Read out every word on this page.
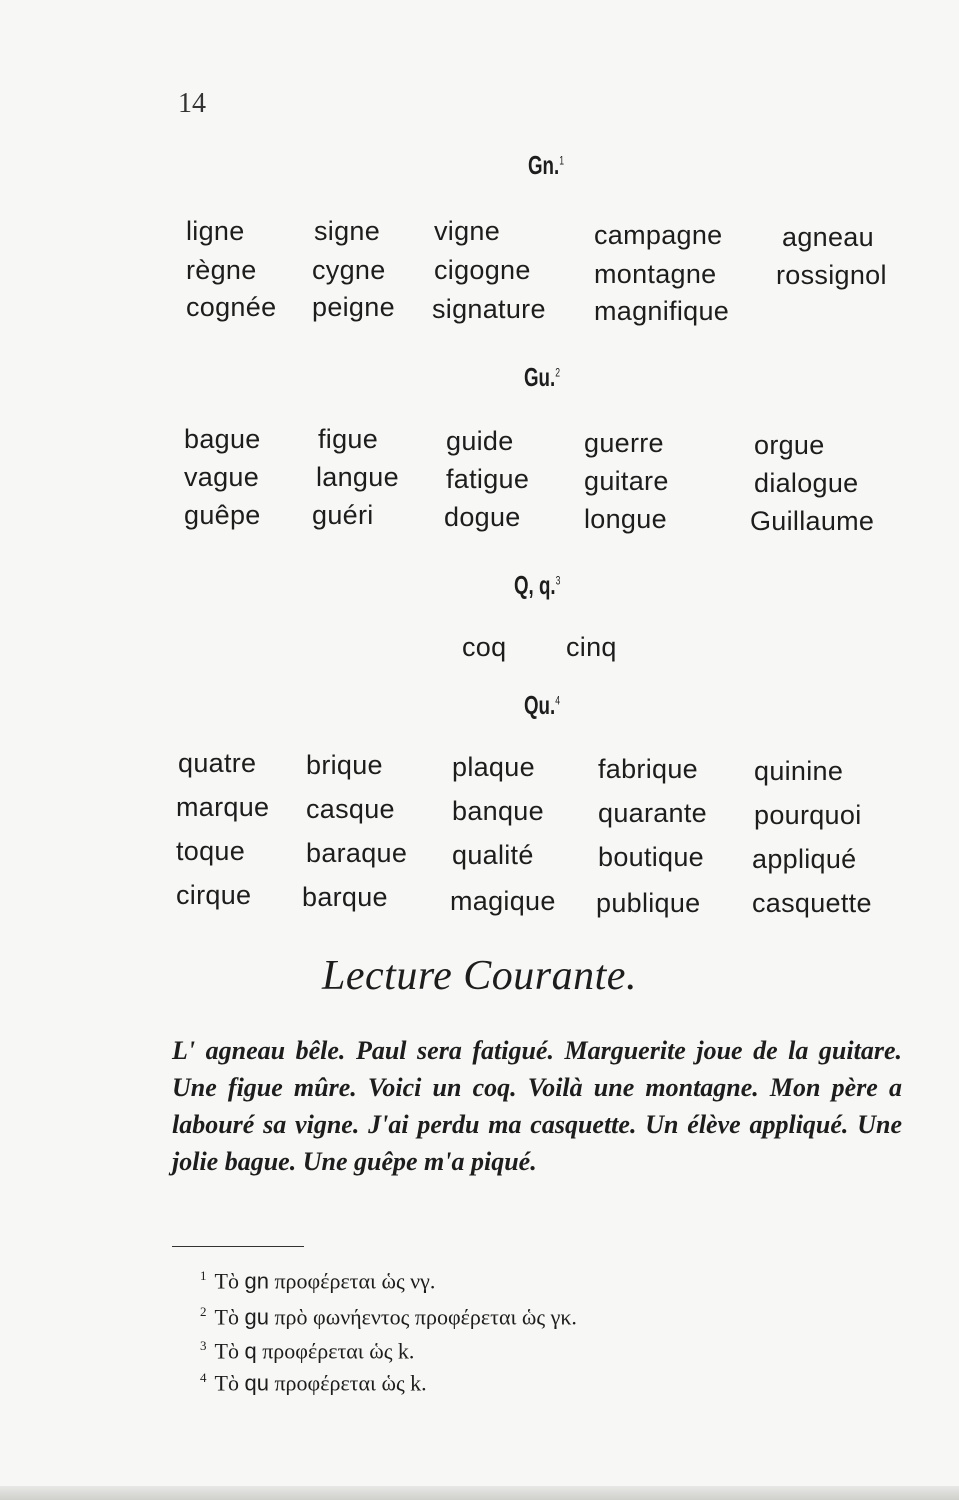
14
Gn.$^1$
ligne	signe vigne	campagne agneau
règne cygne cigogne montagne rossignol
cognée peigne signature magnifique
Gu.$^2$
bague figue	guide	guerre	orgue
vague langue fatigue guitare	dialogue
guêpe guéri	dogue longue	Guillaume
Q, q.$^3$
coq cinq
Qu.$^4$
quatre brique	plaque fabrique quinine
marque casque banque quarante pourquoi
toque baraque qualité boutique appliqué
cirque barque magique publique casquette
Lecture Courante.
L' agneau bêle. Paul sera fatigué. Marguerite joue de la guitare. Une figue mûre. Voici un coq. Voilà une montagne. Mon père a labouré sa vigne. J'ai perdu ma casquette. Un élève appliqué. Une jolie bague. Une guêpe m'a piqué.
$^1$ Τὸ gn προφέρεται ὡς νγ.
$^2$ Τὸ gu πρὸ φωνήεντος προφέρεται ὡς γκ.
$^3$ Τὸ q προφέρεται ὡς k.
$^4$ Τὸ qu προφέρεται ὡς k.
